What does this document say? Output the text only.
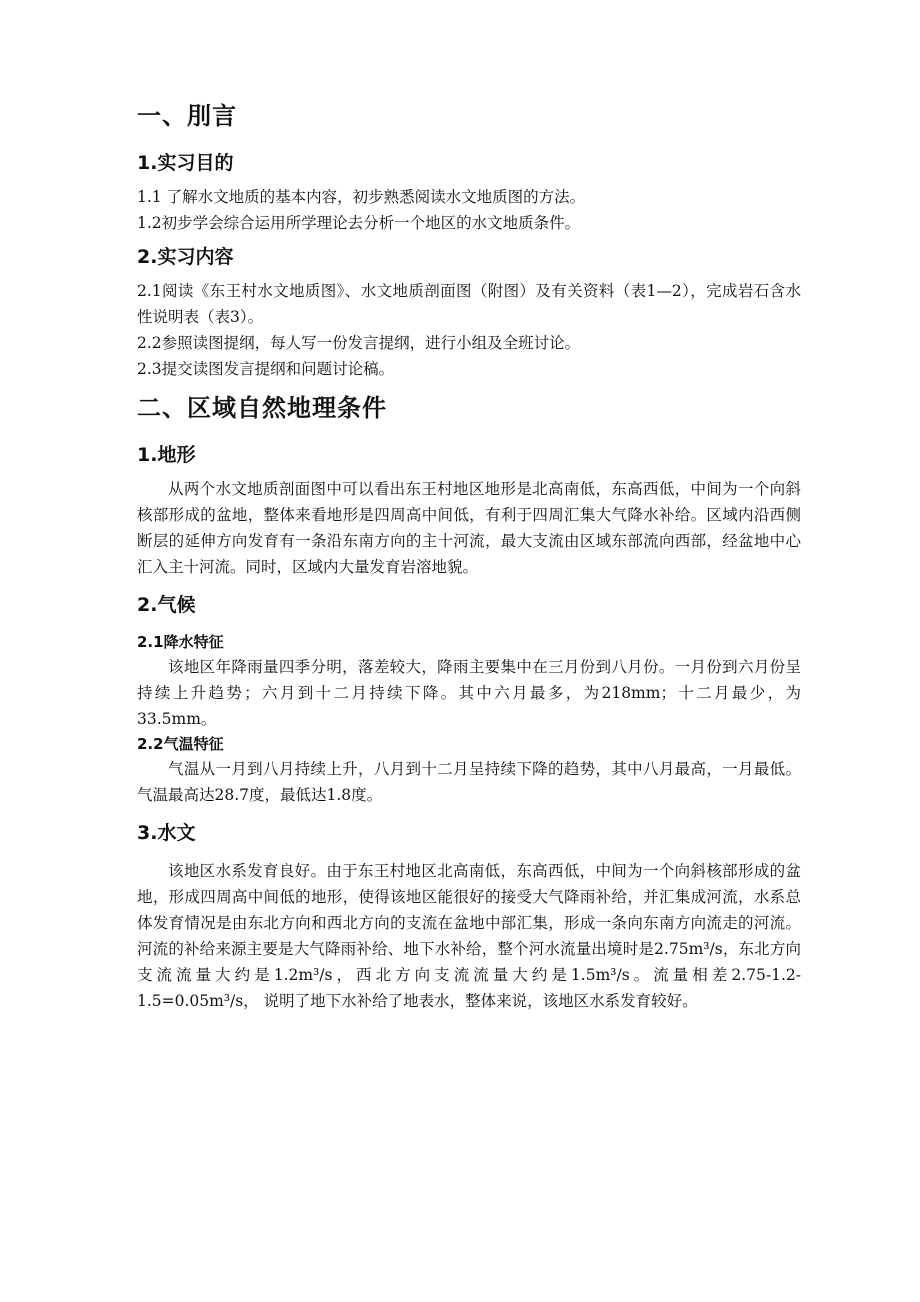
一、刖言
1.实习目的
1.1 了解水文地质的基本内容，初步熟悉阅读水文地质图的方法。
1.2初步学会综合运用所学理论去分析一个地区的水文地质条件。
2.实习内容
2.1阅读《东王村水文地质图》、水文地质剖面图（附图）及有关资料（表1—2），完成岩石含水性说明表（表3）。
2.2参照读图提纲，每人写一份发言提纲，进行小组及全班讨论。
2.3提交读图发言提纲和问题讨论稿。
二、区域自然地理条件
1.地形
从两个水文地质剖面图中可以看出东王村地区地形是北高南低，东高西低，中间为一个向斜核部形成的盆地，整体来看地形是四周高中间低，有利于四周汇集大气降水补给。区域内沿西侧断层的延伸方向发育有一条沿东南方向的主十河流，最大支流由区域东部流向西部，经盆地中心汇入主十河流。同时，区域内大量发育岩溶地貌。
2.气候
2.1降水特征
该地区年降雨量四季分明，落差较大，降雨主要集中在三月份到八月份。一月份到六月份呈持续上升趋势；六月到十二月持续下降。其中六月最多，为218mm；十二月最少，为33.5mm。
2.2气温特征
气温从一月到八月持续上升，八月到十二月呈持续下降的趋势，其中八月最高，一月最低。气温最高达28.7度，最低达1.8度。
3.水文
该地区水系发育良好。由于东王村地区北高南低，东高西低，中间为一个向斜核部形成的盆地，形成四周高中间低的地形，使得该地区能很好的接受大气降雨补给，并汇集成河流，水系总体发育情况是由东北方向和西北方向的支流在盆地中部汇集，形成一条向东南方向流走的河流。河流的补给来源主要是大气降雨补给、地下水补给，整个河水流量出境时是2.75m³/s，东北方向支流流量大约是1.2m³/s，西北方向支流流量大约是1.5m³/s。流量相差2.75-1.2-1.5=0.05m³/s， 说明了地下水补给了地表水，整体来说，该地区水系发育较好。
